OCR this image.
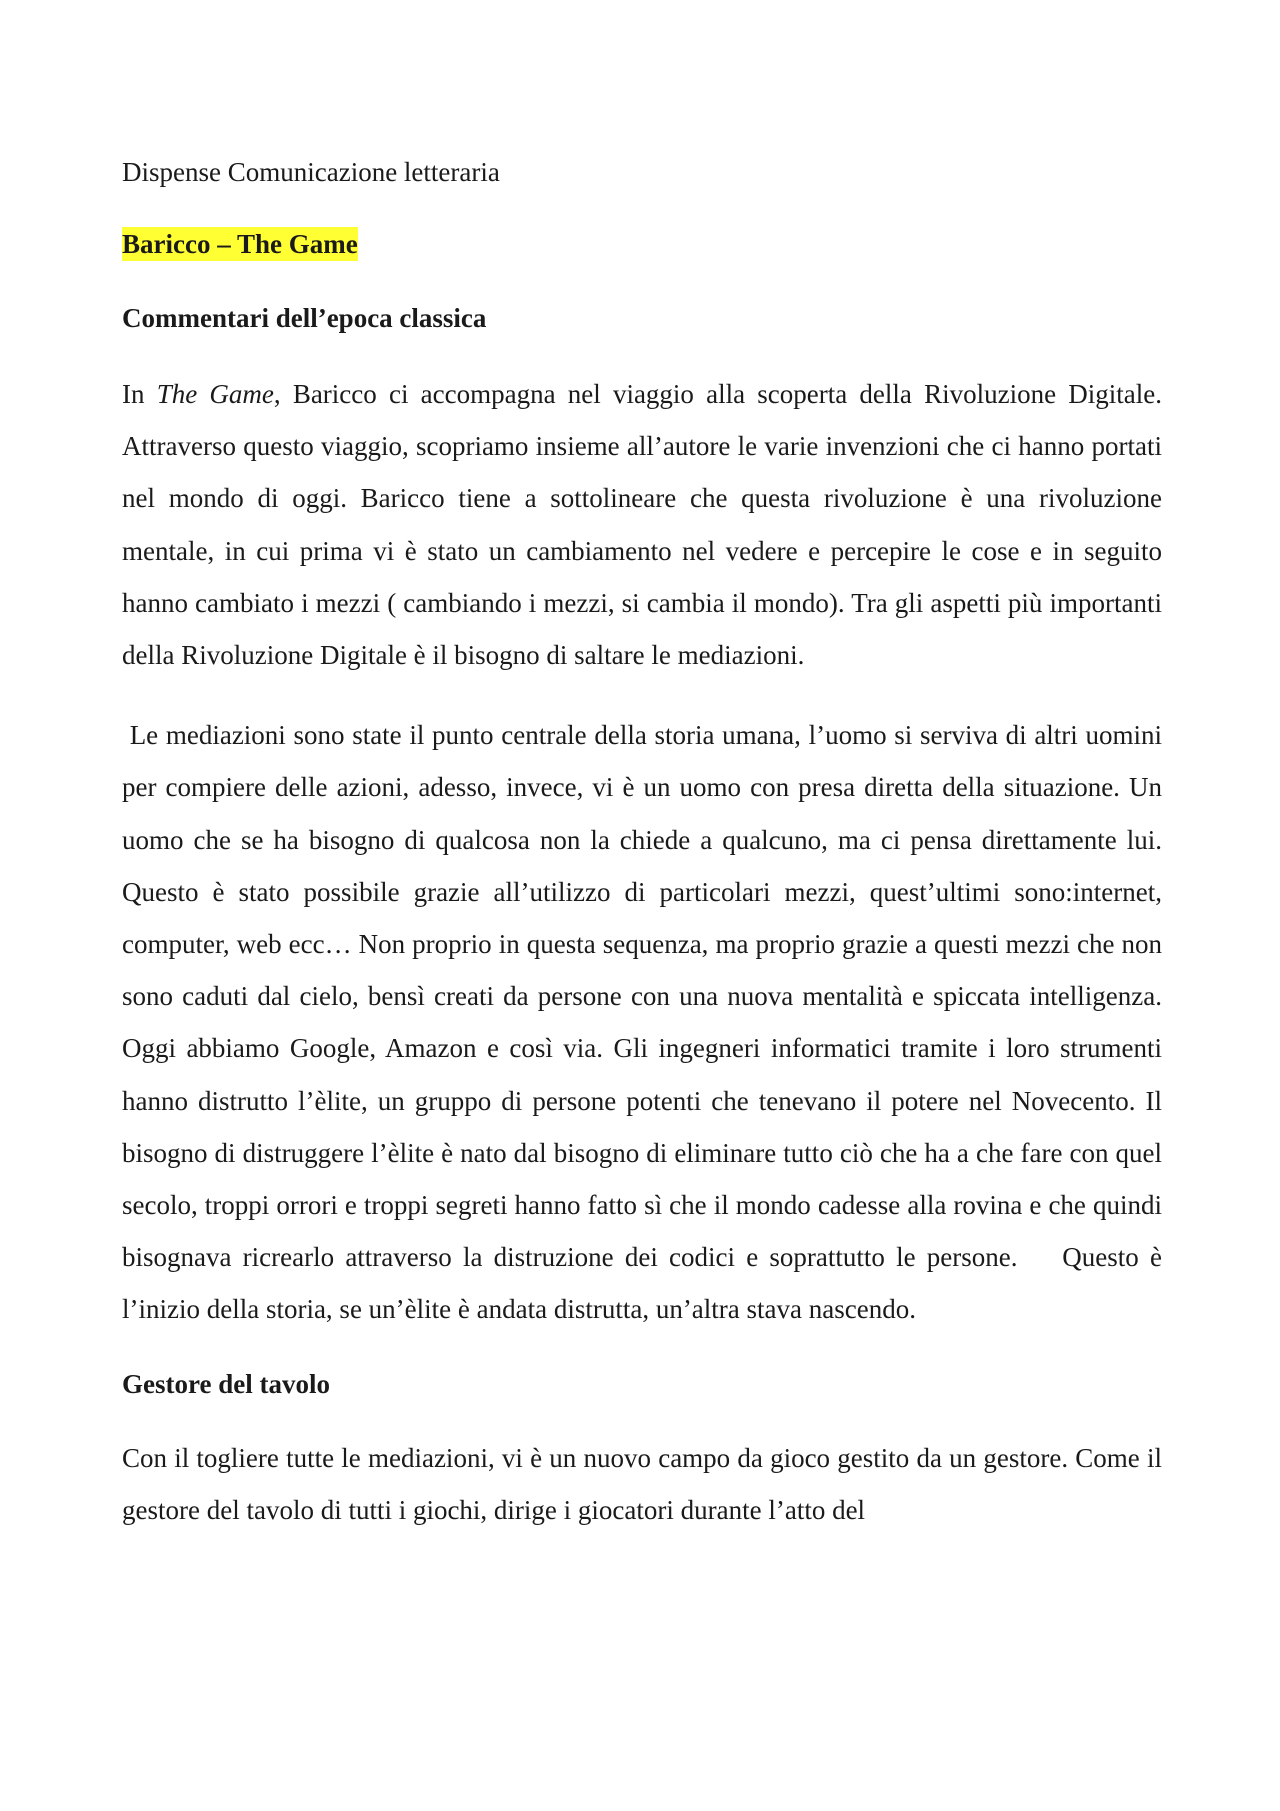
Dispense Comunicazione letteraria

Baricco – The Game

Commentari dell’epoca classica

In The Game, Baricco ci accompagna nel viaggio alla scoperta della Rivoluzione Digitale. Attraverso questo viaggio, scopriamo insieme all’autore le varie invenzioni che ci hanno portati nel mondo di oggi. Baricco tiene a sottolineare che questa rivoluzione è una rivoluzione mentale, in cui prima vi è stato un cambiamento nel vedere e percepire le cose e in seguito hanno cambiato i mezzi ( cambiando i mezzi, si cambia il mondo). Tra gli aspetti più importanti della Rivoluzione Digitale è il bisogno di saltare le mediazioni.

Le mediazioni sono state il punto centrale della storia umana, l’uomo si serviva di altri uomini per compiere delle azioni, adesso, invece, vi è un uomo con presa diretta della situazione. Un uomo che se ha bisogno di qualcosa non la chiede a qualcuno, ma ci pensa direttamente lui. Questo è stato possibile grazie all’utilizzo di particolari mezzi, quest’ultimi sono:internet, computer, web ecc… Non proprio in questa sequenza, ma proprio grazie a questi mezzi che non sono caduti dal cielo, bensì creati da persone con una nuova mentalità e spiccata intelligenza. Oggi abbiamo Google, Amazon e così via. Gli ingegneri informatici tramite i loro strumenti hanno distrutto l’èlite, un gruppo di persone potenti che tenevano il potere nel Novecento. Il bisogno di distruggere l’èlite è nato dal bisogno di eliminare tutto ciò che ha a che fare con quel secolo, troppi orrori e troppi segreti hanno fatto sì che il mondo cadesse alla rovina e che quindi bisognava ricrearlo attraverso la distruzione dei codici e soprattutto le persone.    Questo è l’inizio della storia, se un’èlite è andata distrutta, un’altra stava nascendo.

Gestore del tavolo

Con il togliere tutte le mediazioni, vi è un nuovo campo da gioco gestito da un gestore. Come il gestore del tavolo di tutti i giochi, dirige i giocatori durante l’atto del
